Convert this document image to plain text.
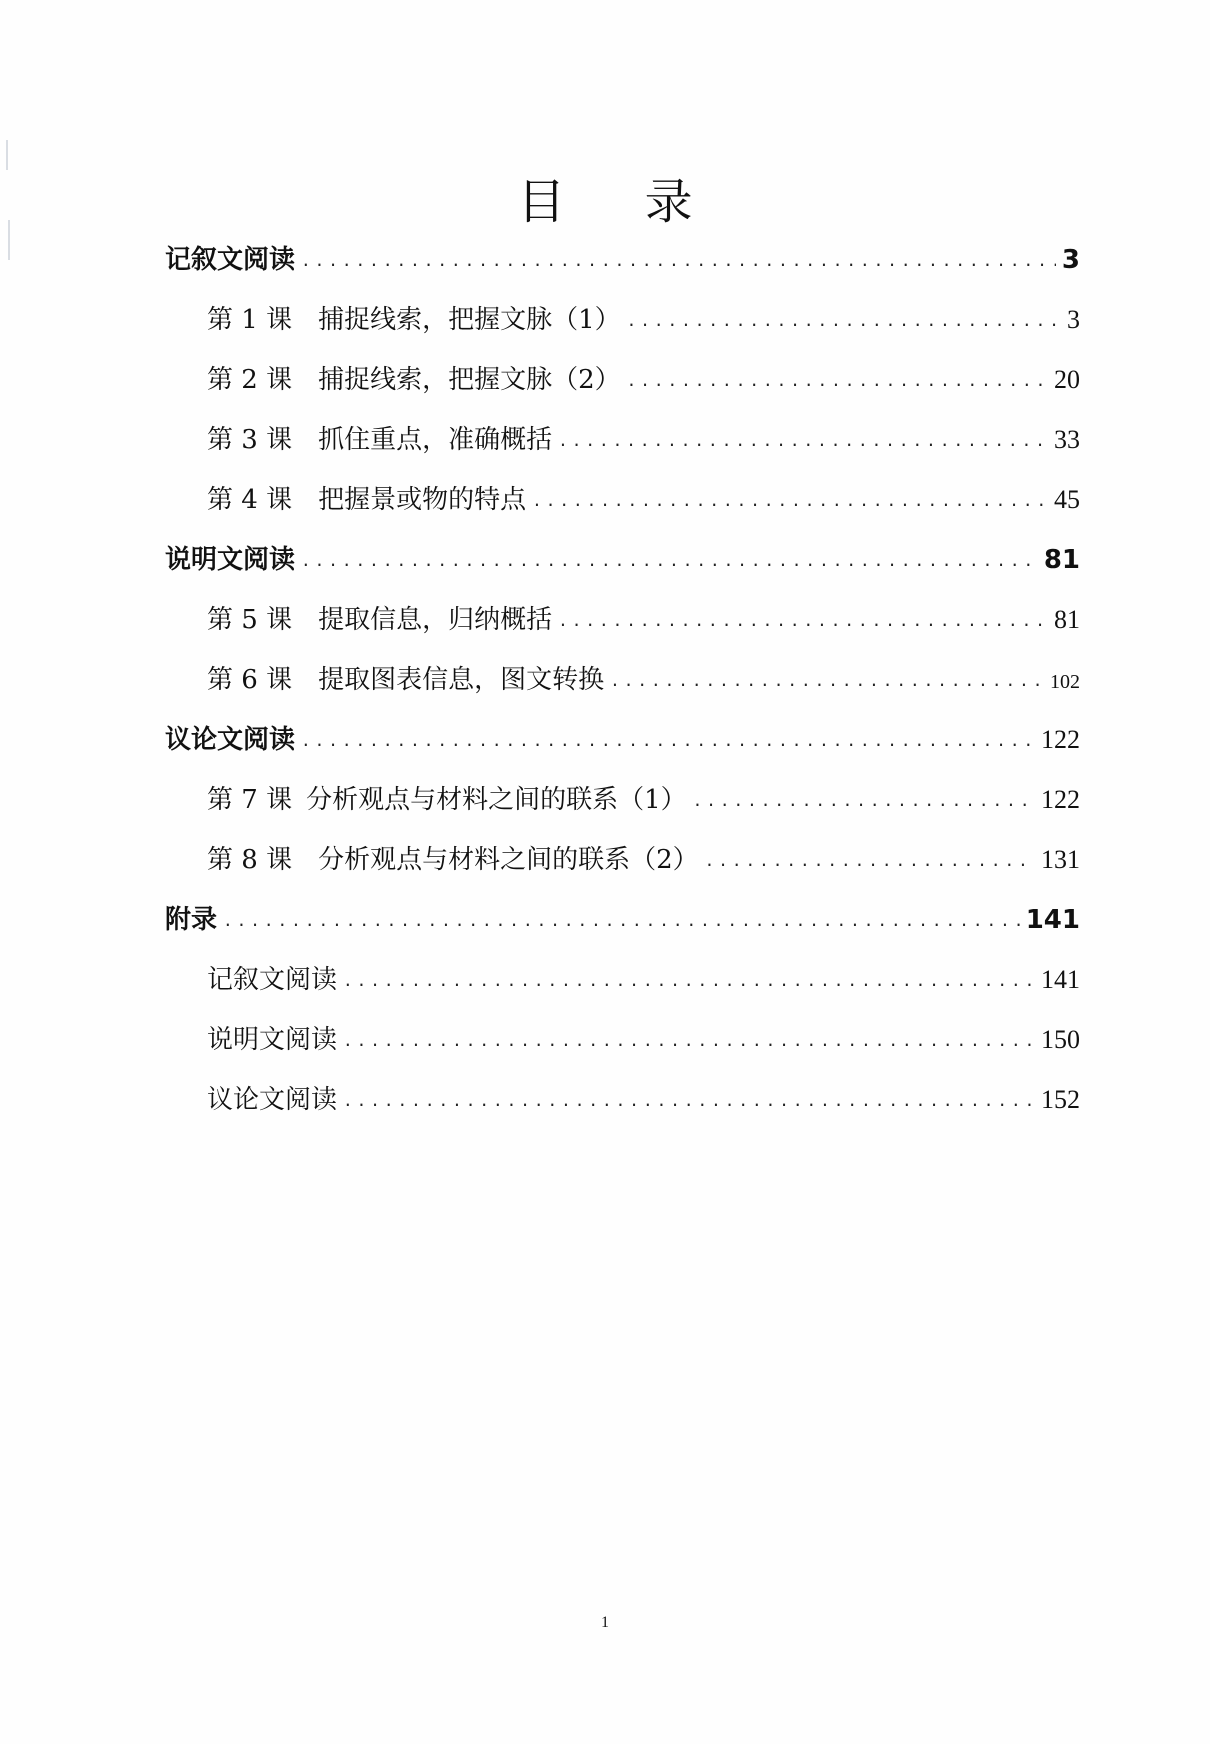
目 录
记叙文阅读 .....	3
第 1 课 捕捉线索，把握文脉（1） .....	3
第 2 课 捕捉线索，把握文脉（2） .....	20
第 3 课 抓住重点，准确概括 .....	33
第 4 课 把握景或物的特点 .....	45
说明文阅读 .....	81
第 5 课 提取信息，归纳概括 .....	81
第 6 课 提取图表信息，图文转换 .....	102
议论文阅读 .....	122
第 7 课 分析观点与材料之间的联系（1） .....	122
第 8 课 分析观点与材料之间的联系（2） .....	131
附录 .....	141
记叙文阅读 .....	141
说明文阅读 .....	150
议论文阅读 .....	152
1
